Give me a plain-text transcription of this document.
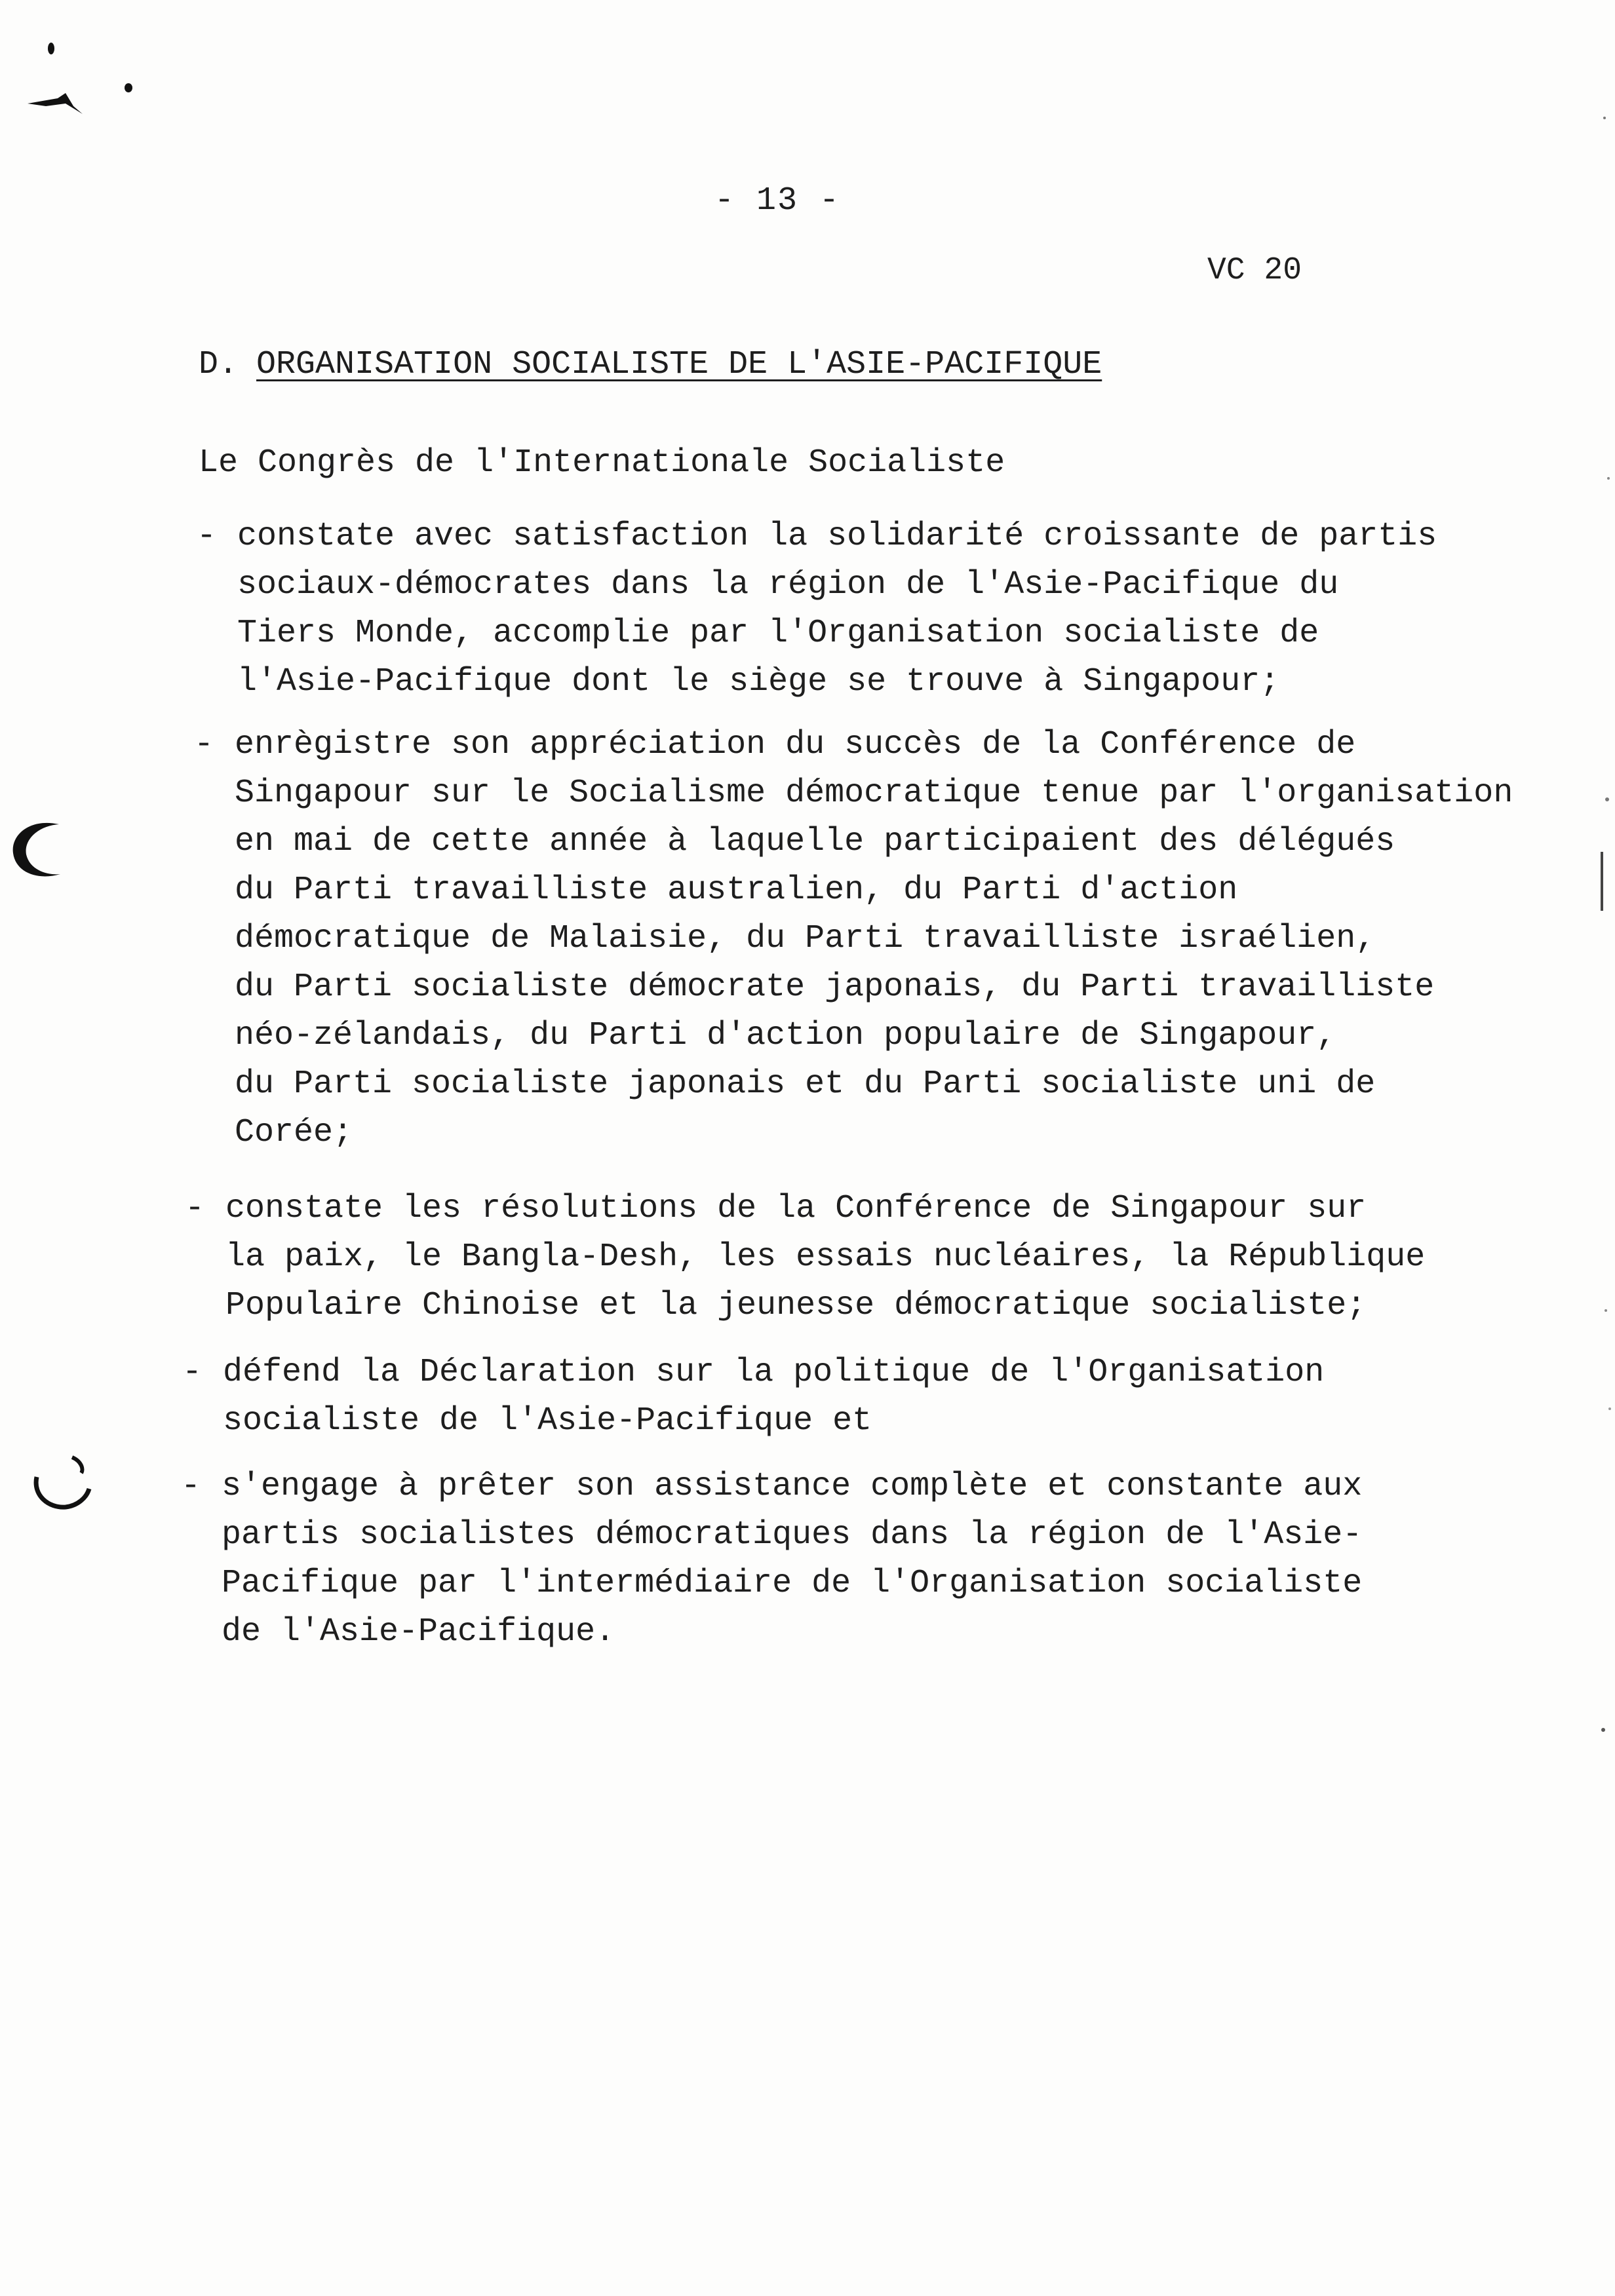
- 13 -
VC 20
D. ORGANISATION SOCIALISTE DE L'ASIE-PACIFIQUE
Le Congrès de l'Internationale Socialiste
- constate avec satisfaction la solidarité croissante de partis
sociaux-démocrates dans la région de l'Asie-Pacifique du
Tiers Monde, accomplie par l'Organisation socialiste de
l'Asie-Pacifique dont le siège se trouve à Singapour;
- enrègistre son appréciation du succès de la Conférence de
Singapour sur le Socialisme démocratique tenue par l'organisation
en mai de cette année à laquelle participaient des délégués
du Parti travailliste australien, du Parti d'action
démocratique de Malaisie, du Parti travailliste israélien,
du Parti socialiste démocrate japonais, du Parti travailliste
néo-zélandais, du Parti d'action populaire de Singapour,
du Parti socialiste japonais et du Parti socialiste uni de
Corée;
- constate les résolutions de la Conférence de Singapour sur
la paix, le Bangla-Desh, les essais nucléaires, la République
Populaire Chinoise et la jeunesse démocratique socialiste;
- défend la Déclaration sur la politique de l'Organisation
socialiste de l'Asie-Pacifique et
- s'engage à prêter son assistance complète et constante aux
partis socialistes démocratiques dans la région de l'Asie-
Pacifique par l'intermédiaire de l'Organisation socialiste
de l'Asie-Pacifique.
